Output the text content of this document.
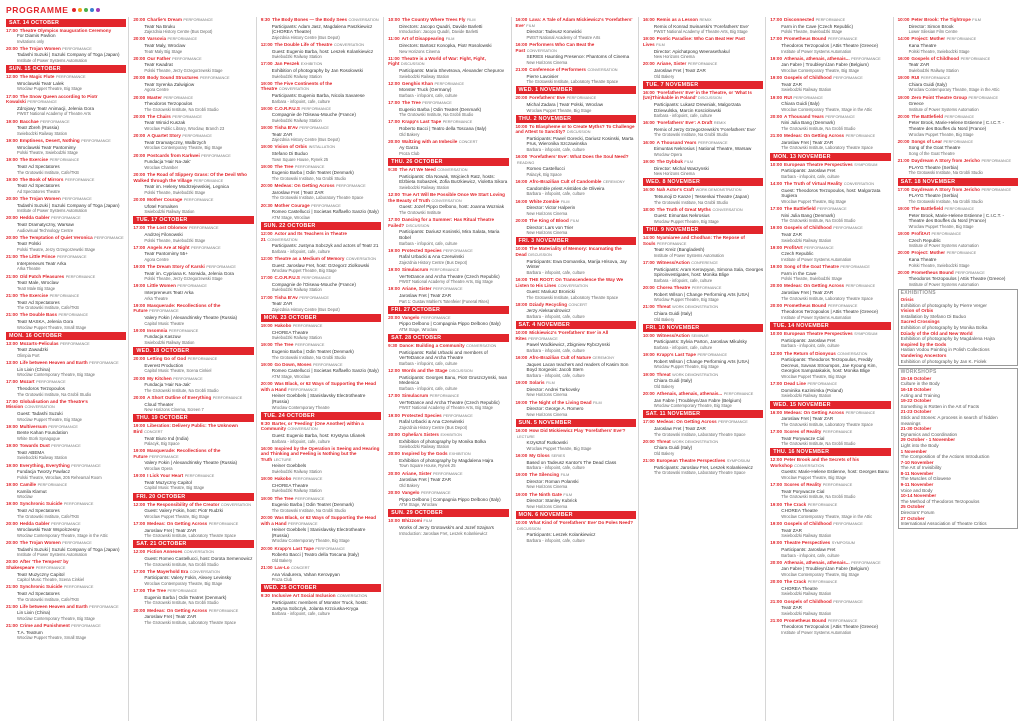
PROGRAMME
SAT. 14 OCTOBER
17:00 Theatre Olympics Inauguration Ceremony
For Diamis Pavlion
Invitations only
20:00 The Trojan Women PERFORMANCE
Tadashi Suzuki | Suzuki Company of Toga (Japan)
Institute of Power Systems Automation
SUN. 15 OCTOBER
12:00 The Magic Flute PERFORMANCE
Wroclawski Teatr Lalek
Wroclaw Puppet Theatre, Big Stage
17:00 The Snow Queen according to Piotr Kowalski PERFORMANCE
Zdrojowy Teatr Animacji, Jelenia Gora
PWST National Academy of Theatre Arts
19:00 Bacchae PERFORMANCE
Teatr Zbreh (Russia)
Swiebodzki Railway Station
19:00 Emptiness, Desert, Nothing PERFORMANCE
Wroclawski Teatr Pantomimy
Polski Theatre, Swiebodzki Stage
19:00 The Exercise PERFORMANCE
Teatr Ad Spectatores
The Grotowski Institute, Cafe/TKB
19:00 The Book of Mirrors PERFORMANCE
Teatr Ad Spectatores
Ad Spectatores Theatre
20:00 The Trojan Women PERFORMANCE
Tadashi Suzuki | Suzuki Company of Toga (Japan)
Institute of Power Systems Automation
20:00 Hedda Gabler PERFORMANCE
Teatr Dramatyczny, Warsaw
Audiovisual Technology Centre
20:00 The Temptation of Quiet Veronica PERFORMANCE
Teatr Polski
Polski Theatre, Jerzy Grzegorzewski Stage
21:00 The Little Prince PERFORMANCE
Interpreneurs Teatr Arka
Arka Theatre
21:00 Old Patch Pleasures PERFORMANCE
Teatr Male, Wroclaw
Teatr Male Big Stage
21:00 The Exercise PERFORMANCE
Teatr Ad Spectatores
The Grotowski Institute, Cafe/TKB
21:00 The Double Bass PERFORMANCE
Teatr MASKA, Jelenia Gora
Wroclaw Puppet Theatre, Small Stage
MON. 16 OCTOBER
13:00 Mozarts-Peliculas PERFORMANCE
Teatr Zawadzki
Olimpia Port
13:00 Life between Heaven and Earth PERFORMANCE
Lin Lixin (China)
Wroclaw Contemporary Theatre, Big Stage
17:00 Mozart PERFORMANCE
Theodoros Terzopoulos
The Grotowski Institute, Na Grobli Studio
17:00 Globalisation and the Theatre's Mission CONVERSATION
Guest: Tadashi Suzuki
Wroclaw Puppet Theatre, Big Stage
19:00 Multiversum PERFORMANCE
Bente Kahan Foundation
White Stork Synagogue
19:00 Towards Dust PERFORMANCE
Teatr ABEMA
Swiebodzki Railway Station
19:00 Everything, Everything PERFORMANCE
Fundacja Tworzy Pawlacz
Polski Theatre, Wroclaw, 205 Rehearsal Room
19:00 Camille PERFORMANCE
Kamila Klamut
Wroclaw
19:00 Synchronic Suicide PERFORMANCE
Teatr Ad Spectatores
The Grotowski Institute, Cafe/TKB
20:00 Hedda Gabler PERFORMANCE
Wroclawski Teatr Wspolczesny
Wroclaw Contemporary Theatre, Stage in the Attic
20:00 The Trojan Women PERFORMANCE
Tadashi Suzuki | Suzuki Company of Toga (Japan)
Institute of Power Systems Automation
20:00 After 'The Tempest' by Shakespeare PERFORMANCE
Teatr Muzyczny Capitol
Capitol Music Theatre, Scena Cinkiel
21:00 Synchronic Suicide PERFORMANCE
Teatr Ad Spectatores
The Grotowski Institute, Cafe/TKB
21:00 Life between Heaven and Earth PERFORMANCE
Lin Lixin (China)
Wroclaw Contemporary Theatre, Big Stage
21:00 Crime and Punishment PERFORMANCE
T.A. Teatrum
Wroclaw Puppet Theatre, Small Stage
20:00 Charlie's Dream PERFORMANCE
Teatr Na Bruku
Zajezdnia History Centre (Bus Depot)
20:00 Varsovia PERFORMANCE
Teatr Maly, Wroclaw
Teatr Maly Big Stage
20:00 Our Father PERFORMANCE
Teatr Kwadrat
Polski Theatre, Jerzy Grzegorzewski Stage
20:00 Body Sound Structures PERFORMANCE
Teatr Syrenka Zalwigiow
Agora Centre
20:00 Master PERFORMANCE
Theodoros Terzopoulos
The Grotowski Institute, Na Grobli Studio
20:00 The Chairs PERFORMANCE
Teatr Wiroid Kuszak
Wroclaw Public Library, Wroclaw, Branch 23
20:00 A Quartet Story PERFORMANCE
Teatr Dramatyczny, Walbrzych
Wroclaw Contemporary Theatre, Big Stage
20:00 Postcards from Karkwei PERFORMANCE
Fundacja 'Hair Na-Jak'
Wroclaw Chamber
20:00 The Road of Slippery Grass: Of the Devil Who Walked through the Village PERFORMANCE
Teatr im. Heleny Modrzejewskiej, Legnica
Polski Theatre, Swiebodzki Stage
20:00 Mother Courage PERFORMANCE
Ufotel Fornalsen
Swiebodzki Railway Station
TUE. 17 OCTOBER
17:00 The Lost Oblomov PERFORMANCE
Andrzej Filonowski
Polski Theatre, Swiebodzki Stage
17:00 Angels Are at Night PERFORMANCE
Teatr Pantomimy 55+
Agora Centre
19:00 The Dream Story of Karski PERFORMANCE
Teatr im. Cypriana K. Norwida, Jelenia Gora
Polski Theatre, Jerzy Grzegorzewski Stage
19:00 Little Women PERFORMANCE
Interpreneurs Teatr Arka
Arka Theatre
19:00 Masquerade: Recollections of the Future PERFORMANCE
Valery Fokin | Alexandrinsky Theatre (Russia)
Capitol Music Theatre
19:00 Insomnia PERFORMANCE
Fundacja Kaszuw
Swiebodzki Railway Station
WED. 18 OCTOBER
20:00 Letting Go of God PERFORMANCE
Everest Production
Capitol Music Theatre, Scena Cinkiel
20:00 My Kitchen PERFORMANCE
Fundacja 'Hair Na-Jak'
The Grotowski Institute, Na Grobli Studio
20:00 A Short Outline of Everything PERFORMANCE
Cloud Theater
New Horizons Cinema, Screen 7
THU. 19 OCTOBER
19:00 Liberation: Delivery Public: The Unknown Bird CONCERT
Teatr Biuro Ind (India)
Palacyk, Big Space
19:00 Masquerade: Recollections of the Future PERFORMANCE
Valery Fokin | Alexandrinsky Theatre (Russia)
Wroclaw Opera
19:00 I Lick Your Heart PERFORMANCE
Teatr Muzyczny Capitol
Capitol Music Theatre, Big Stage
FRI. 20 OCTOBER
12:00 The Responsibility of the Creator CONVERSATION
Guest: Valery Fokin, host: Piotr Rudzki
Wroclaw Puppet Theatre, Big Stage
17:00 Medeas: On Getting Across PERFORMANCE
Jaroslaw Fret | Teatr ZAR
The Grotowski Institute, Laboratory Theatre Space
SAT. 21 OCTOBER
12:00 Fiction Annexes CONVERSATION
Guest: Romeo Castellucci, host: Dorota Semenowicz
The Grotowski Institute, Na Grobli Studio
17:00 The Mayerhold Era CONVERSATION
Participants: Valery Fokin, Alexey Levinsky
Wroclaw Contemporary Theatre, Big Stage
17:00 The Tree PERFORMANCE
Eugenio Barba | Odin Teatret (Denmark)
The Grotowski Institute, Na Grobli Studio
20:00 Medeas: On Getting Across PERFORMANCE
Jaroslaw Fret | Teatr ZAR
The Grotowski Institute, Laboratory Theatre Space
9:30 The Body Bones — the Body Sees CONVERSATION
Participants: Adam Jasz, Magdalena Paszkiewicz (CHOREA Theatre)
Zajezdnia History Centre (Bus Depot)
12:00 The Double Life of Theatre CONVERSATION
Guest: Eugenio Barba, host: Leszek Kolankiewicz
Swiebodzki Railway Station
17:00 Jan Peszek EXHIBITION
Exhibition of photography by Jan Rosolowski
Swiebodzki Railway Station
19:00 The Five Continents of the Theatre CONVERSATION
Participants: Eugenio Barba, Nicola Savarese
Barbara - infopoint, cafe, culture
19:00 C.O.R.P.U.S PERFORMANCE
Compagnie de l'Oiseau-Mouche (France)
Swiebodzki Railway Station
19:00 Tisha B'Av PERFORMANCE
Teatr ZAR
Zajezdnia History Centre (Bus Depot)
19:00 Vision of Orbis INSTALLATION
Stefano Di Buduo
Town Square House, Rynek 25
19:00 The Tree PERFORMANCE
Eugenio Barba | Odin Teatret (Denmark)
The Grotowski Institute, Na Grobli Studio
20:00 Medeas: On Getting Across PERFORMANCE
Jaroslaw Fret | Teatr ZAR
The Grotowski Institute, Laboratory Theatre Space
20:30 Mother Courage PERFORMANCE
Romeo Castellucci | Societas Raffaello Sanzio (Italy)
ATM Stage, Wroclaw
SUN. 22 OCTOBER
12:00 Actor and Its Teachers in Theatre 21 CONVERSATION
Participants: Justyna Sobczyk and actors of Teatr 21
Barbara - infopoint, cafe, culture
12:00 Theatre as a Medium of Memory CONVERSATION
Guest: Jaroslaw Fret, host: Grzegorz Ziolkowski
Wroclaw Puppet Theatre, Big Stage
17:00 C.O.R.P.U.S PERFORMANCE
Compagnie de l'Oiseau-Mouche (France)
Swiebodzki Railway Station
17:00 Tisha B'Av PERFORMANCE
Teatr ZAR
Zajezdnia History Centre (Bus Depot)
MON. 23 OCTOBER
19:00 Hakobo PERFORMANCE
CHOREA Theatre
Swiebodzki Railway Station
19:00 The Tree PERFORMANCE
Eugenio Barba | Odin Teatret (Denmark)
The Grotowski Institute, Na Grobli Studio
19:00 Go Down, Moses PERFORMANCE
Romeo Castellucci | Societas Raffaello Sanzio (Italy)
ATM Stage, Wroclaw
20:00 Was Black, or 62 Ways of Supporting the Head with a Hand PERFORMANCE
Heiner Goebbels | Stanislavsky Electrotheatre (Russia)
Wroclaw Contemporary Theatre
TUE. 24 OCTOBER
9:30 Barter, or 'Feeding' (One Another) within a Community CONVERSATION
Guest: Eugenio Barba, host: Krystyna Ulianek
Barbara - infopoint, cafe, culture
16:00 Inspired by the Operation is Seeing and Hearing and Thinking and Feeling is Nothing but the Truth LECTURE
Heiner Goebbels
Swiebodzki Railway Station
19:00 Hakobo PERFORMANCE
CHOREA Theatre
Swiebodzki Railway Station
19:00 The Tree PERFORMANCE
Eugenio Barba | Odin Teatret (Denmark)
The Grotowski Institute, Na Grobli Studio
20:00 Was Black, or 62 Ways of Supporting the Head with a Hand PERFORMANCE
Heiner Goebbels | Stanislavsky Electrotheatre (Russia)
Wroclaw Contemporary Theatre, Big Stage
20:00 Krapp's Last Tape PERFORMANCE
Roberto Bacci | Teatro della Toscana (Italy)
Old Bakery
21:00 Lav-Lo CONCERT
Ana Viadurera, Vahan Kerovpyan
Proza Club
WED. 25 OCTOBER
9:30 Inclusive Art Social Inclusion CONVERSATION
Participants: members of Monster Truck, hosts: Justyna Sobczyk, Jolanta Krzciuska-Kryga
Barbara - infopoint, cafe, culture
10:00 The Country Where Trees Fly FILM
Directors: Jacopo Quadri, Davide Barletti
Introduction: Jacopo Quadri, Davide Barletti
11:00 Art of Disappearing FILM
Directors: Bartosz Konopka, Piotr Rosolowski
New Horizons Cinema
11:00 Theatre is a World of War: Fight, Fight, Fight DISCUSSION
Participants: Maria Shevtsova, Alexander Chepurov
Swiebodzki Railway Station
12:00 Genghis Khan PERFORMANCE
Monster Truck (Germany)
Barbara - infopoint, cafe, culture
17:00 The Tree PERFORMANCE
Eugenio Barba | Odin Teatret (Denmark)
The Grotowski Institute, Na Grobli Studio
17:00 Krapp's Last Tape PERFORMANCE
Roberto Bacci | Teatro della Toscana (Italy)
Old Bakery
20:00 Waltzing with an Imbecile CONCERT
Ay Garza
Proza Club
THU. 26 OCTOBER
9:30 The Art We Need CONVERSATION
Participants: Ola Nowak, Wojciech Ratz, hosts: Elzbieta Sobaszek, Zofia Burzkiewicz, Violetta Sikora
Swiebodzki Railway Station
12:00 True Art Will Be Possible Once We Start Loving the Beauty of Truth CONVERSATION
Guest: Jozef Pippo Delbono, host: Joanna Wozniak
The Grotowski Institute
17:00 Dancing for a Summer: Has Ritual Theatre Failed? DISCUSSION
Participants: Dariusz Kosinski, Mira Salata, Maria Bobel
Barbara - infopoint, cafe, culture
19:00 Protected Species PERFORMANCE
Rafal Urbacki & Ana Czerwinski
Zajezdnia History Centre (Bus Depot)
19:00 Simulacrum PERFORMANCE
VerTeDance and Archa Theatre (Czech Republic)
PWST National Academy of Theatre Arts, Big Stage
19:00 Ariane, Sister PERFORMANCE
Jaroslaw Fret | Teatr ZAR
Part 1: Gustav Mahler's Totenfeier (Funeral Rites)
FRI. 27 OCTOBER
20:00 Vangelo PERFORMANCE
Pippo Delbono | Compagnia Pippo Delbono (Italy)
ATM Stage, Wroclaw
SAT. 28 OCTOBER
9:30 Dance: Building a Community CONVERSATION
Participants: Rafal Urbacki and members of VerTeDance and Archa Theatre
Barbara - infopoint, cafe, culture
12:00 Words and the Stage DISCUSSION
Participants: Georges Banu, Piotr Gruszczynski, Ivan Medenica
Barbara - infopoint, cafe, culture
17:00 Simulacrum PERFORMANCE
VerTeDance and Archa Theatre (Czech Republic)
PWST National Academy of Theatre Arts, Big Stage
19:00 Protected Species PERFORMANCE
Rafal Urbacki & Ana Czerwinski
Zajezdnia History Centre (Bus Depot)
20:00 Ophelia's Sisters EXHIBITION
Exhibition of photography by Monika Bolka
Swiebodzki Railway Station
20:00 Inspired by the Gods EXHIBITION
Exhibition of photography by Magdalena Hajra
Town Square House, Rynek 25
20:00 Ariane, Sister PERFORMANCE
Jaroslaw Fret | Teatr ZAR
Old Bakery
20:00 Vangelo PERFORMANCE
Pippo Delbono | Compagnia Pippo Delbono (Italy)
ATM Stage, Wroclaw
SUN. 29 OCTOBER
10:00 Bhizzomi FILM
Works of Jerzy Grotowski's and Jozef Szajna's
Introduction: Jaroslaw Fret, Leszek Kolankiewicz
16:00 Lava: A Tale of Adam Mickiewicz's 'Forefathers' Eve' FILM
Director: Tadeusz Konwicki
PWST National Academy of Theatre Arts
16:00 Performers Who Can Beat the Past CONVERSATION
SERIES Haunting Presence: Phantoms of Cinema
New Horizons Cinema
21:00 Conference of Performers CONVERSATION
Pierre Lavoisier
The Grotowski Institute, Laboratory Theatre Space
WED. 1 NOVEMBER
20:00 Forefathers' Eve PERFORMANCE
Michal Zadara | Teatr Polski, Wroclaw
Wroclaw Puppet Theatre, Big Stage
THU. 2 NOVEMBER
10:00 To Blaspheme or to Create Myths? To Challenge and Attest to Sanctity? DISCUSSION
Participants: Pawel Gorecki, Dariusz Kosinski, Marta Prus, Wieronika Szczawinska
Barbara - infopoint, cafe, culture
16:00 'Forefathers' Eve': What Does the Soul Need?READING
Romeo Castellucci
Palacyk, Big Space
16:00 Afro-Brazilian Cult of Candomble CEREMONY
Candomble priest Aristides de Oliveira
Barbara - infopoint, cafe, culture
16:00 White Zombie FILM
Director: Victor Halperin
New Horizons Cinema
20:00 The King of Blood FILM
Director: Lars von Trier
New Horizons Cinema
FRI. 3 NOVEMBER
10:00 The Materiality of Memory: Incarnating the Dead DISCUSSION
Participants: Ewa Domanska, Marija Hrisova, Jay Winter
Barbara - infopoint, cafe, culture
16:00 THE ROOT: On Transcendence the Way We Listen to His Lines CONVERSATION
Guest: Mariusz Bronicki
The Grotowski Institute, Laboratory Theatre Space
18:00 Dziady Recycling CONCERT
Jerzy Aleksandrowicz
Barbara - infopoint, cafe, culture
SAT. 4 NOVEMBER
10:00 Mickiewicz's 'Forefathers' Eve' in All Rites PERFORMANCE
Pawel Wodkiewicz, Zbigniew Rybczynski
Barbara - infopoint, cafe, culture
16:00 Afro-Brazilian Cult of Nature CEREMONY
Jaques Lacan teachers and readers of Kasim Son Boyd Sorgeois: Jacob Stern
Barbara - infopoint, cafe, culture
19:00 Solaris FILM
Director: Andrei Tarkovsky
New Horizons Cinema
19:00 The Night of the Living Dead FILM
Director: George A. Romero
New Horizons Cinema
SUN. 5 NOVEMBER
16:00 How Did Mickiewicz Play 'Forefathers' Eve'?LECTURE
Krzysztof Rutkowski
Wroclaw Puppet Theatre, Big Stage
16:00 My Gloss SERIES
Based on Tadeusz Kantor's The Dead Class
Barbara - infopoint, cafe, culture
19:00 The Silencing FILM
Director: Roman Polanski
New Horizons Cinema
19:00 The Ninth Gate FILM
Director: Stanley Kubrick
New Horizons Cinema
MON. 6 NOVEMBER
10:00 What Kind of 'Forefathers' Eve' Do Poles Need?DISCUSSION
Participants: Leszek Kolankiewicz
Barbara - infopoint, cafe, culture
16:00 Remis as a Lesson REMIX
Remix of Konrad Swinarski's 'Forefathers' Eve'
PWST National Academy of Theatre Arts, Big Stage
19:00 Pontic Paradise: Who Can Beat Her Past Lives FILM
Director: Apichatpong Weerasethakul
New Horizons Cinema
20:00 Ariane, Sister PERFORMANCE
Jaroslaw Fret | Teatr ZAR
Old Bakery
TUE. 7 NOVEMBER
16:00 'Forefathers' Eve' in the Theatre, or 'What Is (Un)Thinkable in Poland' DISCUSSION
Participants: Lukasz Drewniak, Malgorzata Dziewulska, Marcin Kosciolowski
Barbara - infopoint, cafe, culture
16:00 'Forefathers' Eve': A Draft REMIX
Remix of Jerzy Grzegorzewski's 'Forefathers' Eve'
The Grotowski Institute, Na Grobli Studio
16:00 A Thousand Years PERFORMANCE
Eimuntas Nekrosius | National Theatre, Warsaw
Wroclaw Opera
19:00 The Dybbuk FILM
Director: Michal Waszynski
New Horizons Cinema
WED. 8 NOVEMBER
16:00 Nah Actor's Craft WORK DEMONSTRATION
Tetsunoji D Kanze | Tessenkai Theatre (Japan)
The Grotowski Institute, Na Grobli Studio
18:00 The Truth of Great Myths CONVERSATION
Guest: Eimuntas Nekrosius
Wroclaw Puppet Theatre, Big Stage
THU. 9 NOVEMBER
14:00 Nyamiaree and Chodhan: The Repose of Souls PERFORMANCE
Teatr Kreiz (Bangladesh)
Institute of Power Systems Automation
17:00 Witness/Action CONFERENCE
Participants: Aram Kerovpyan, Simona Sala, Georges Spiroinvestigates, host: Monika Blige
Barbara - infopoint, cafe, culture
20:00 Chorea Theatre PERFORMANCE
Robert Wilson | Change Performing Arts (USA)
Wroclaw Puppet Theatre, Big Stage
21:00 Threat WORK DEMONSTRATION
Chiara Guidi (Italy)
Old Bakery
FRI. 10 NOVEMBER
10:00 Witness/Action SEMINAR
Participants: Sylvia Parton, Jaroslaw Mikulsky
Barbara - infopoint, cafe, culture
19:00 Krapp's Last Tape PERFORMANCE
Robert Wilson | Change Performing Arts (USA)
Wroclaw Puppet Theatre, Big Stage
19:00 Threat WORK DEMONSTRATION
Chiara Guidi (Italy)
Old Bakery
20:00 Athenais, athenais, athenais... PERFORMANCE
Jan Fabre | Troubleyn/Jan Fabre (Belgium)
Wroclaw Contemporary Theatre, Big Stage
SAT. 11 NOVEMBER
17:00 Medeas: On Getting Across PERFORMANCE
Jaroslaw Fret | Teatr ZAR
The Grotowski Institute, Laboratory Theatre Space
20:00 Threat WORK DEMONSTRATION
Chiara Guidi (Italy)
Old Bakery
21:00 European Theatre Perspectives SYMPOSIUM
Participants: Jaroslaw Fret, Leszek Kolankiewicz
The Grotowski Institute, Laboratory Theatre Space
17:00 Disconnected PERFORMANCE
Farm in the Cave (Czech Republic)
Polski Theatre, Swiebodzki Stage
17:00 Prometheus Bound PERFORMANCE
Theodoros Terzopoulos | Attis Theatre (Greece)
Institute of Power Systems Automation
19:00 Athenais, athenais, athenais... PERFORMANCE
Jan Fabre | Troubleyn/Jan Fabre (Belgium)
Wroclaw Contemporary Theatre, Big Stage
19:00 Gospels of Childhood PERFORMANCE
Teatr ZAR
Swiebodzki Railway Station
19:00 RUI PERFORMANCE
Chiara Guidi (Italy)
Wroclaw Contemporary Theatre, Stage in the Attic
20:00 A Thousand Years PERFORMANCE
Nini Julia Bang (Denmark)
The Grotowski Institute, Na Grobli Studio
21:00 Medeas: On Getting Across PERFORMANCE
Jaroslaw Fret | Teatr ZAR
The Grotowski Institute, Laboratory Theatre Space
MON. 13 NOVEMBER
10:00 European Theatre Perspectives SYMPOSIUM
Participants: Jaroslaw Fret
Barbara - infopoint, cafe, culture
14:00 The Truth of Virtual Reality CONVERSATION
Guest: Theodoros Terzopoulos, host: Malgorzata Sugiera
Wroclaw Puppet Theatre, Big Stage
17:00 The Battlefield PERFORMANCE
Nini Julia Bang (Denmark)
The Grotowski Institute, Na Grobli Studio
19:00 Gospels of Childhood PERFORMANCE
Teatr ZAR
Swiebodzki Railway Station
19:00 ProfitArt PERFORMANCE
Czech Republic
Institute of Power Systems Automation
19:00 Song of the Goat Theatre PERFORMANCE
Farm in the Cave
Polski Theatre, Swiebodzki Stage
20:00 Medeas: On Getting Across PERFORMANCE
Jaroslaw Fret | Teatr ZAR
The Grotowski Institute, Laboratory Theatre Space
20:00 Prometheus Bound PERFORMANCE
Theodoros Terzopoulos | Attis Theatre (Greece)
Institute of Power Systems Automation
TUE. 14 NOVEMBER
10:00 European Theatre Perspectives SYMPOSIUM
Participants: Jaroslaw Fret
Barbara - infopoint, cafe, culture
12:00 The Return of Dionysus CONVERSATION
Participants: Theodoros Terzopoulos, Freddy Decreus, Savvas Stroumpos, Jae Kyoung Kim, Georgios Sampatakakis, host: Monika Blige
Wroclaw Puppet Theatre, Big Stage
17:00 Dead Line PERFORMANCE
Dominika Kazimirska (Poland)
Swiebodzki Railway Station
WED. 15 NOVEMBER
16:00 Medeas: On Getting Across PERFORMANCE
Jaroslaw Fret | Teatr ZAR
The Grotowski Institute, Laboratory Theatre Space
17:00 Scores of Reality PERFORMANCE
Teatr Porywacze Cial
The Grotowski Institute, Na Grobli Studio
THU. 16 NOVEMBER
12:00 Peter Brook and the Secrets of his Workshop CONVERSATION
Guests: Marie-Helene Estienne, host: Georges Banu
Wroclaw Puppet Theatre, Big Stage
17:00 Scores of Reality PERFORMANCE
Teatr Porywacze Cial
The Grotowski Institute, Na Grobli Studio
19:00 The Crack PERFORMANCE
CHOREA Theatre
Wroclaw Contemporary Theatre, Stage in the Attic
19:00 Gospels of Childhood PERFORMANCE
Teatr ZAR
Swiebodzki Railway Station
19:00 Theatre Perspectives SYMPOSIUM
Participants: Jaroslaw Fret
Barbara - infopoint, cafe, culture
20:00 Athenais, athenais, athenais... PERFORMANCE
Jan Fabre | Troubleyn/Jan Fabre (Belgium)
Wroclaw Contemporary Theatre, Big Stage
20:00 The Crack PERFORMANCE
CHOREA Theatre
Swiebodzki Railway Station
21:00 Gospels of Childhood PERFORMANCE
Teatr ZAR
Swiebodzki Railway Station
21:00 Prometheus Bound PERFORMANCE
Theodoros Terzopoulos | Attis Theatre (Greece)
Institute of Power Systems Automation
10:00 Peter Brook: The Tightrope FILM
Director: Simon Brook
Lower Silesian Film Centre
14:00 Project: Mother PERFORMANCE
Kana Theatre
Polski Theatre, Swiebodzki Stage
16:00 Gospels of Childhood PERFORMANCE
Teatr ZAR
Swiebodzki Railway Station
19:00 RUI PERFORMANCE
Chiara Guidi (Italy)
Wroclaw Contemporary Theatre, Stage in the Attic
19:00 Zero Point Theatre Group PERFORMANCE
Greece
Institute of Power Systems Automation
20:00 The Battlefield PERFORMANCE
Peter Brook, Marie-Helene Estienne | C.I.C.T. - Theatre des Bouffes du Nord (France)
Wroclaw Puppet Theatre, Big Stage
20:00 Songs of Lear PERFORMANCE
Song of the Goat Theatre
Song of the Goat Theatre
21:00 Daydream A Story from Jericho PERFORMANCE
PLAYG Theatre (Serbia)
The Grotowski Institute, Na Grobli Studio
SAT. 18 NOVEMBER
17:00 Daydream A Story from Jericho PERFORMANCE
PLAYG Theatre (Serbia)
The Grotowski Institute, Na Grobli Studio
19:00 The Battlefield PERFORMANCE
Peter Brook, Marie-Helene Estienne | C.I.C.T. - Theatre des Bouffes du Nord (France)
Wroclaw Puppet Theatre, Big Stage
19:00 ProfitArt PERFORMANCE
Czech Republic
Institute of Power Systems Automation
20:00 Project: Mother PERFORMANCE
Kana Theatre
Polski Theatre, Swiebodzki Stage
20:00 Prometheus Bound PERFORMANCE
Theodoros Terzopoulos | Attis Theatre (Greece)
Institute of Power Systems Automation
EXHIBITIONS
Orisis
Exhibition of photography by Pierre Verger
Vision of Orbis
Installation by Stefano Di Buduo
Sacred Crossings
Exhibition of photography by Monika Bolka
Dziady of the Old and New World
Exhibition of photography by Magdalena Hajra
Inspired by the Gods
Haitian Vodou Painting in Polish Collections
Vandering Ancestors
Exhibition of photography by Jan K. Fiolek
WORKSHOPS
15-16 October
Culture in the Body
16-18 October
Acting and Training
19-22 October
Something is Rotten in the Art of Facts
21-23 October
Stick and Stones: A process in search of hidden meanings
21-30 October
Dynamics and Coordination
29 October - 1 November
Light into the Body
1 November
The Composition of the Actions Introduction
7-10 November
The Art of Invisibility
8-11 November
The Muscles of Glowese
9-11 November
Voice and Body
10-14 November
The Method of Theodoros Terzopoulos
25 October
Directors' Forum
27 October
International Association of Theatre Critics
